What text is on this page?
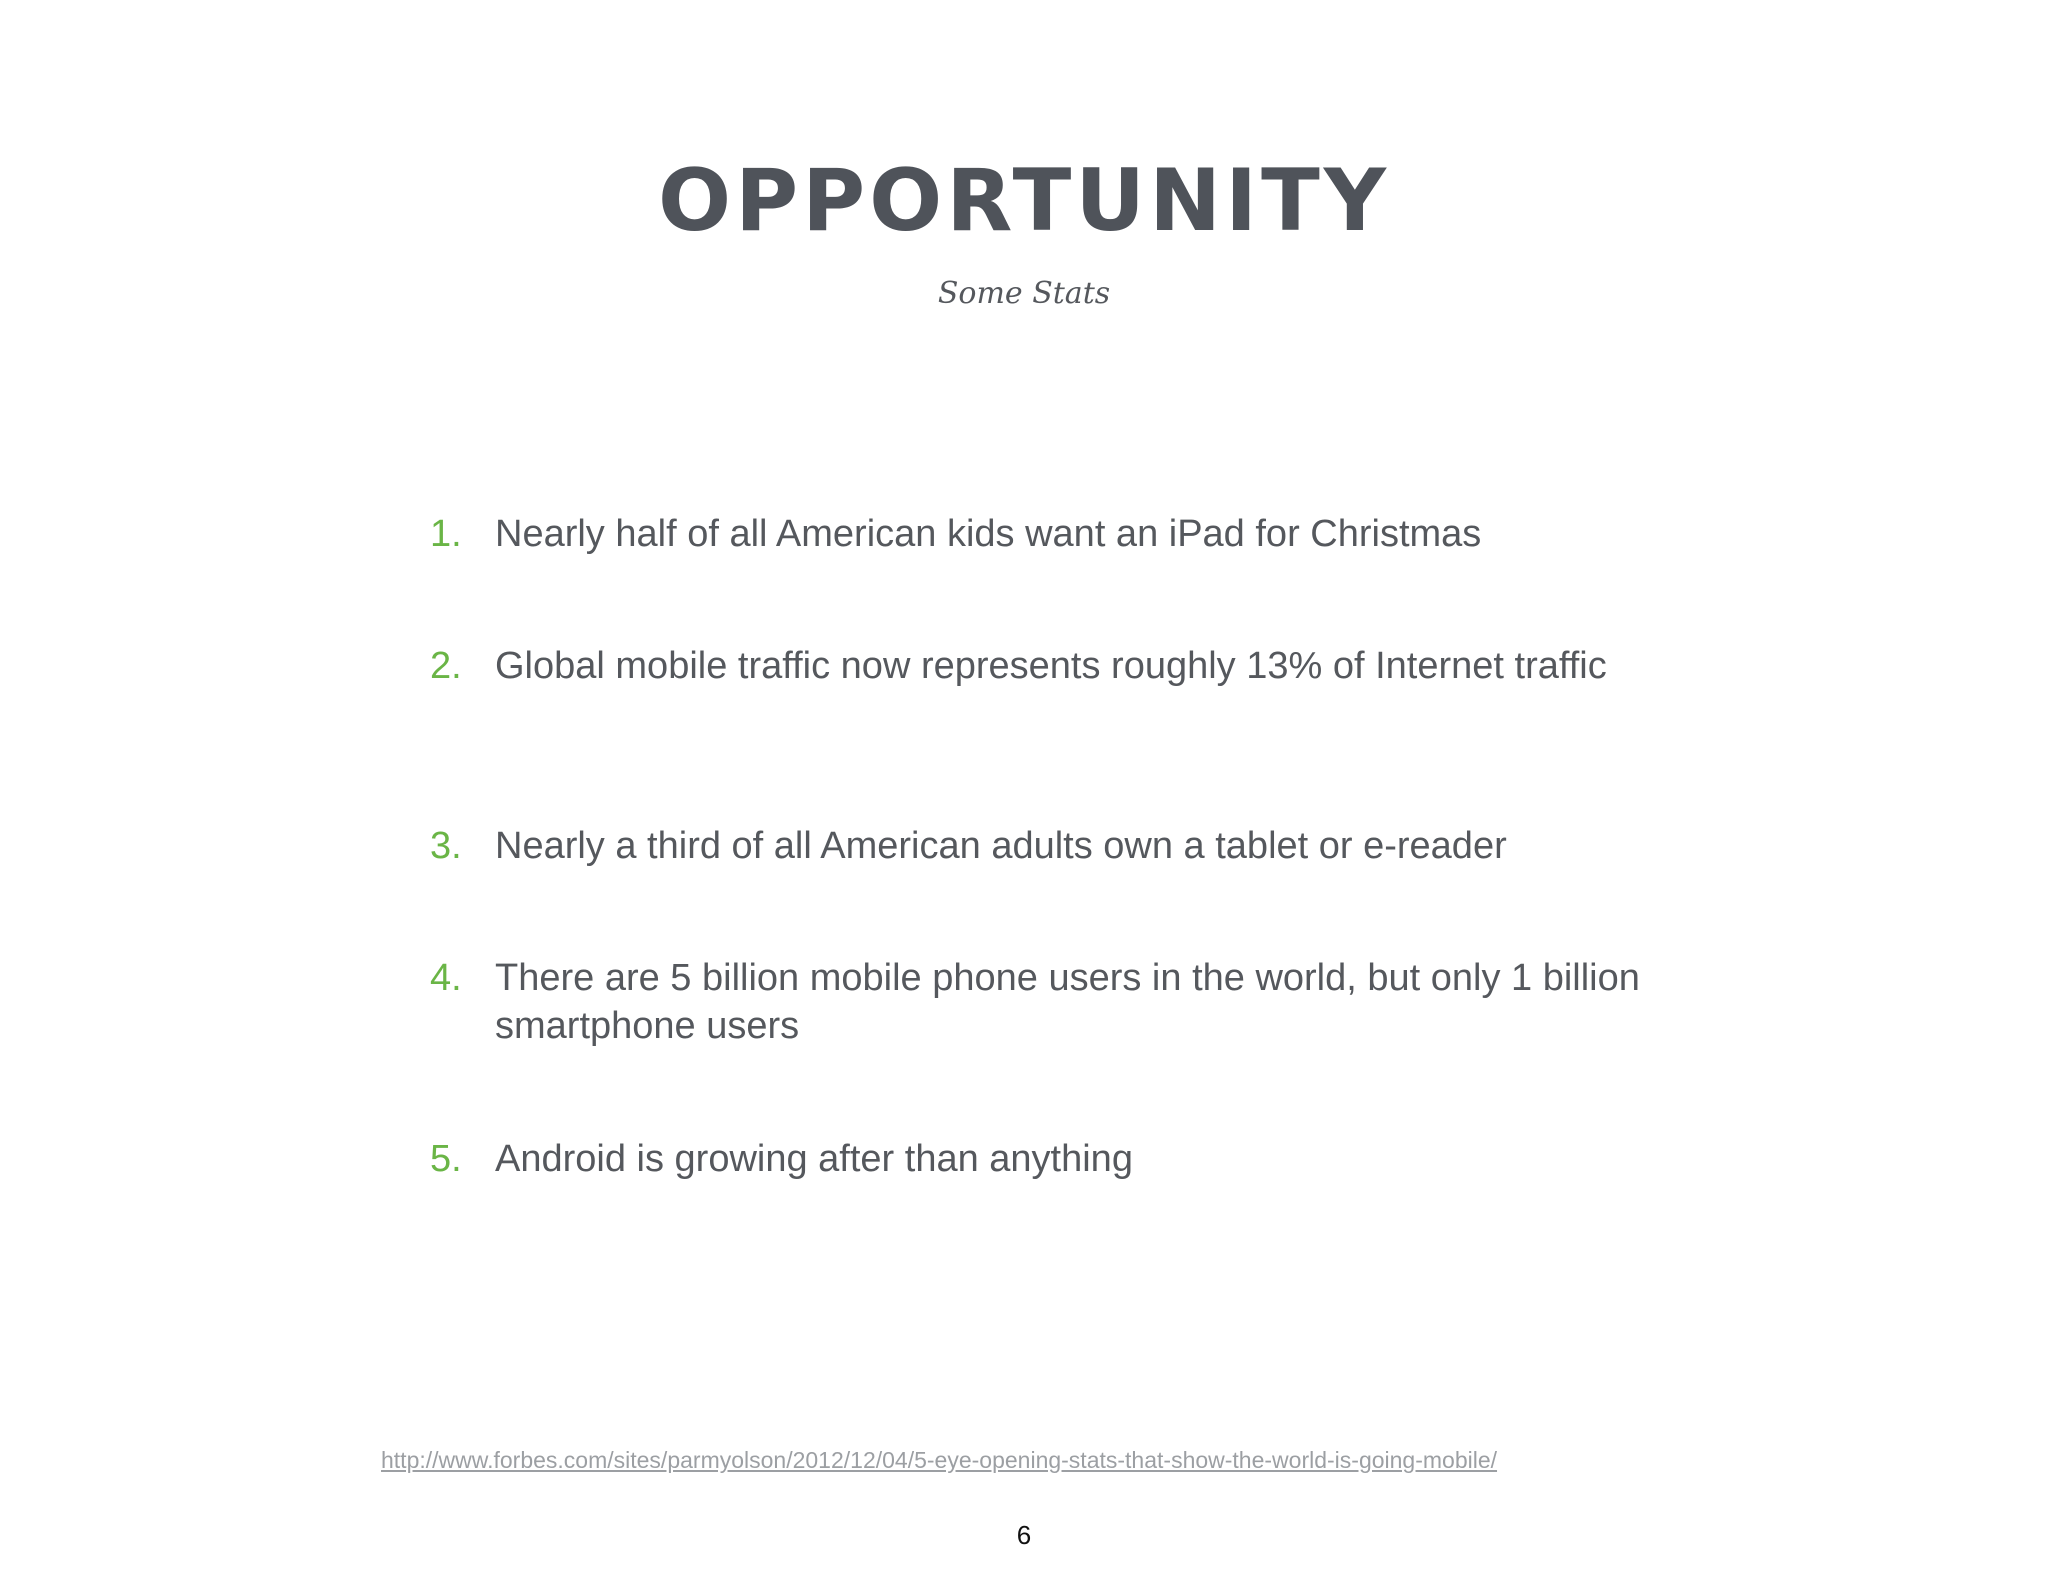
OPPORTUNITY
Some Stats
1. Nearly half of all American kids want an iPad for Christmas
2. Global mobile traffic now represents roughly 13% of Internet traffic
3. Nearly a third of all American adults own a tablet or e-reader
4. There are 5 billion mobile phone users in the world, but only 1 billion smartphone users
5. Android is growing after than anything
http://www.forbes.com/sites/parmyolson/2012/12/04/5-eye-opening-stats-that-show-the-world-is-going-mobile/
6
